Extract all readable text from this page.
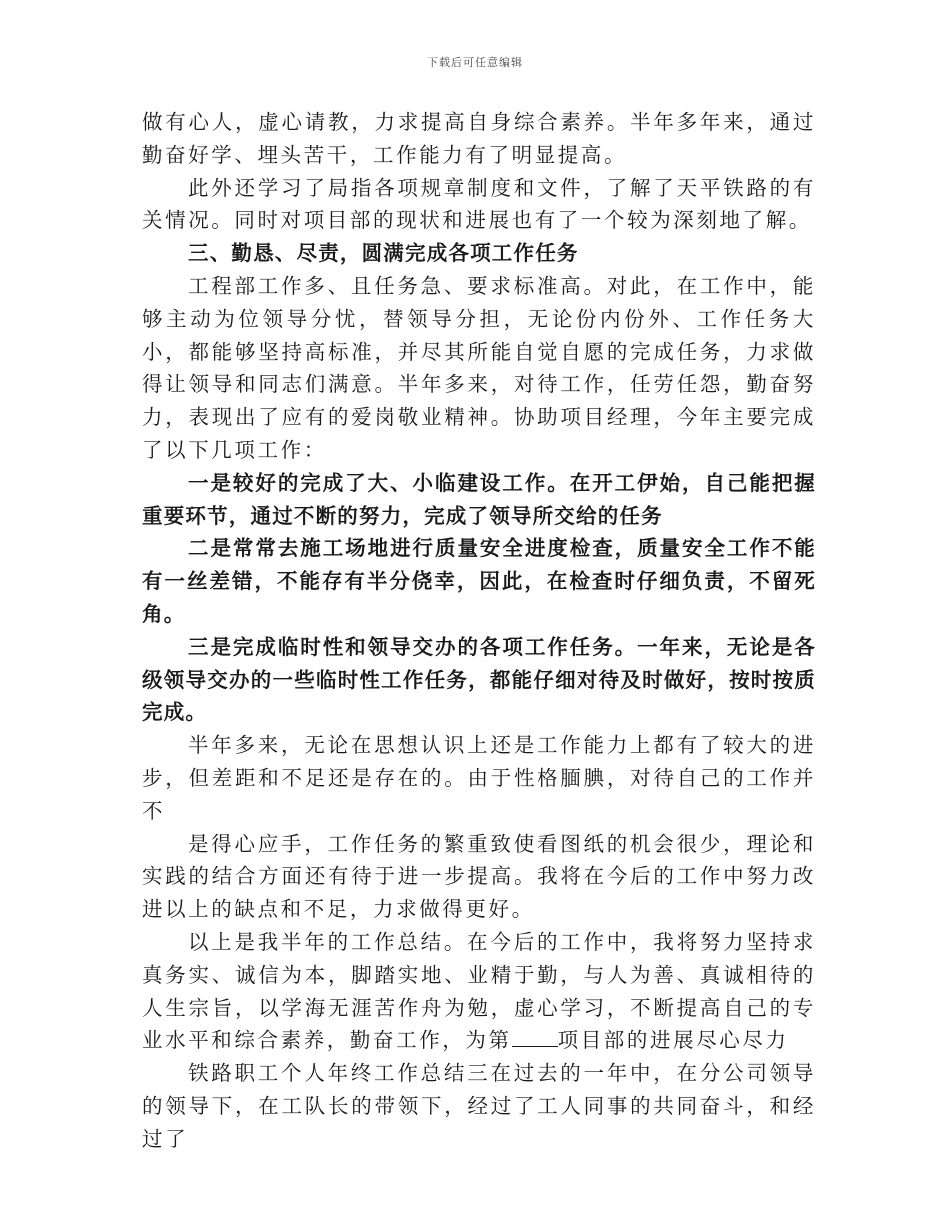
下载后可任意编辑

做有心人，虚心请教，力求提高自身综合素养。半年多年来，通过勤奋好学、埋头苦干，工作能力有了明显提高。

此外还学习了局指各项规章制度和文件，了解了天平铁路的有关情况。同时对项目部的现状和进展也有了一个较为深刻地了解。

三、勤恳、尽责，圆满完成各项工作任务

工程部工作多、且任务急、要求标准高。对此，在工作中，能够主动为位领导分忧，替领导分担，无论份内份外、工作任务大小，都能够坚持高标准，并尽其所能自觉自愿的完成任务，力求做得让领导和同志们满意。半年多来，对待工作，任劳任怨，勤奋努力，表现出了应有的爱岗敬业精神。协助项目经理，今年主要完成了以下几项工作：

一是较好的完成了大、小临建设工作。在开工伊始，自己能把握重要环节，通过不断的努力，完成了领导所交给的任务

二是常常去施工场地进行质量安全进度检查，质量安全工作不能有一丝差错，不能存有半分侥幸，因此，在检查时仔细负责，不留死角。

三是完成临时性和领导交办的各项工作任务。一年来，无论是各级领导交办的一些临时性工作任务，都能仔细对待及时做好，按时按质完成。

半年多来，无论在思想认识上还是工作能力上都有了较大的进步，但差距和不足还是存在的。由于性格腼腆，对待自己的工作并不

是得心应手，工作任务的繁重致使看图纸的机会很少，理论和实践的结合方面还有待于进一步提高。我将在今后的工作中努力改进以上的缺点和不足，力求做得更好。

以上是我半年的工作总结。在今后的工作中，我将努力坚持求真务实、诚信为本，脚踏实地、业精于勤，与人为善、真诚相待的人生宗旨，以学海无涯苦作舟为勉，虚心学习，不断提高自己的专业水平和综合素养，勤奋工作，为第 项目部的进展尽心尽力

铁路职工个人年终工作总结三在过去的一年中，在分公司领导的领导下，在工队长的带领下，经过了工人同事的共同奋斗，和经过了
